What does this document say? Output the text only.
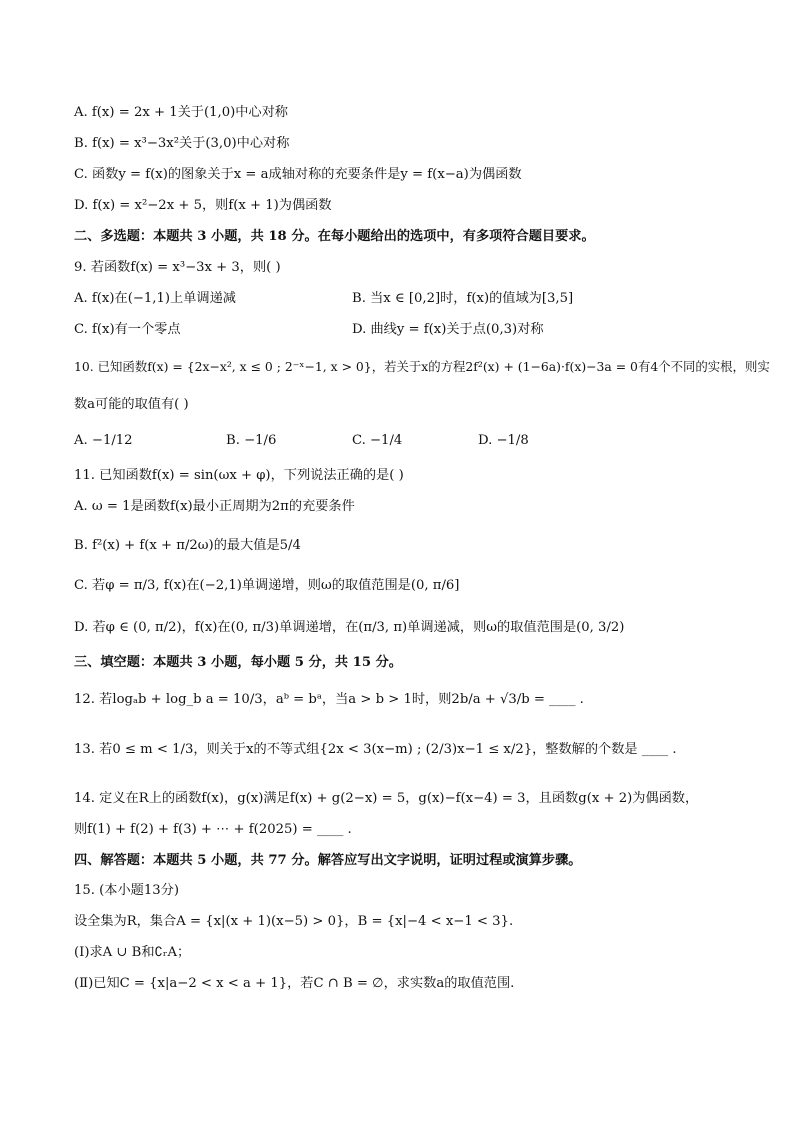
A. f(x) = 2x + 1关于(1,0)中心对称
B. f(x) = x³−3x²关于(3,0)中心对称
C. 函数y = f(x)的图象关于x = a成轴对称的充要条件是y = f(x−a)为偶函数
D. f(x) = x²−2x + 5，则f(x + 1)为偶函数
二、多选题：本题共 3 小题，共 18 分。在每小题给出的选项中，有多项符合题目要求。
9. 若函数f(x) = x³−3x + 3，则( )
A. f(x)在(−1,1)上单调递减	B. 当x ∈ [0,2]时，f(x)的值域为[3,5]
C. f(x)有一个零点	D. 曲线y = f(x)关于点(0,3)对称
10. 已知函数f(x) = {2x−x², x ≤ 0 ; 2⁻ˣ−1, x > 0}，若关于x的方程2f²(x) + (1−6a)·f(x)−3a = 0有4个不同的实根，则实
数a可能的取值有( )
A. −1/12	B. −1/6	C. −1/4	D. −1/8
11. 已知函数f(x) = sin(ωx + φ)，下列说法正确的是( )
A. ω = 1是函数f(x)最小正周期为2π的充要条件
B. f²(x) + f(x + π/2ω)的最大值是5/4
C. 若φ = π/3, f(x)在(−2,1)单调递增，则ω的取值范围是(0, π/6]
D. 若φ ∈ (0, π/2)，f(x)在(0, π/3)单调递增，在(π/3, π)单调递减，则ω的取值范围是(0, 3/2)
三、填空题：本题共 3 小题，每小题 5 分，共 15 分。
12. 若logₐb + log_b a = 10/3，aᵇ = bᵃ，当a > b > 1时，则2b/a + √3/b = ____ .
13. 若0 ≤ m < 1/3，则关于x的不等式组{2x < 3(x−m) ; (2/3)x−1 ≤ x/2}，整数解的个数是 ____ .
14. 定义在R上的函数f(x)，g(x)满足f(x) + g(2−x) = 5，g(x)−f(x−4) = 3，且函数g(x + 2)为偶函数，
则f(1) + f(2) + f(3) + ⋯ + f(2025) = ____ .
四、解答题：本题共 5 小题，共 77 分。解答应写出文字说明，证明过程或演算步骤。
15. (本小题13分)
设全集为R，集合A = {x|(x + 1)(x−5) > 0}，B = {x|−4 < x−1 < 3}.
(Ⅰ)求A ∪ B和∁ᵣA；
(Ⅱ)已知C = {x|a−2 < x < a + 1}，若C ∩ B = ∅，求实数a的取值范围.
